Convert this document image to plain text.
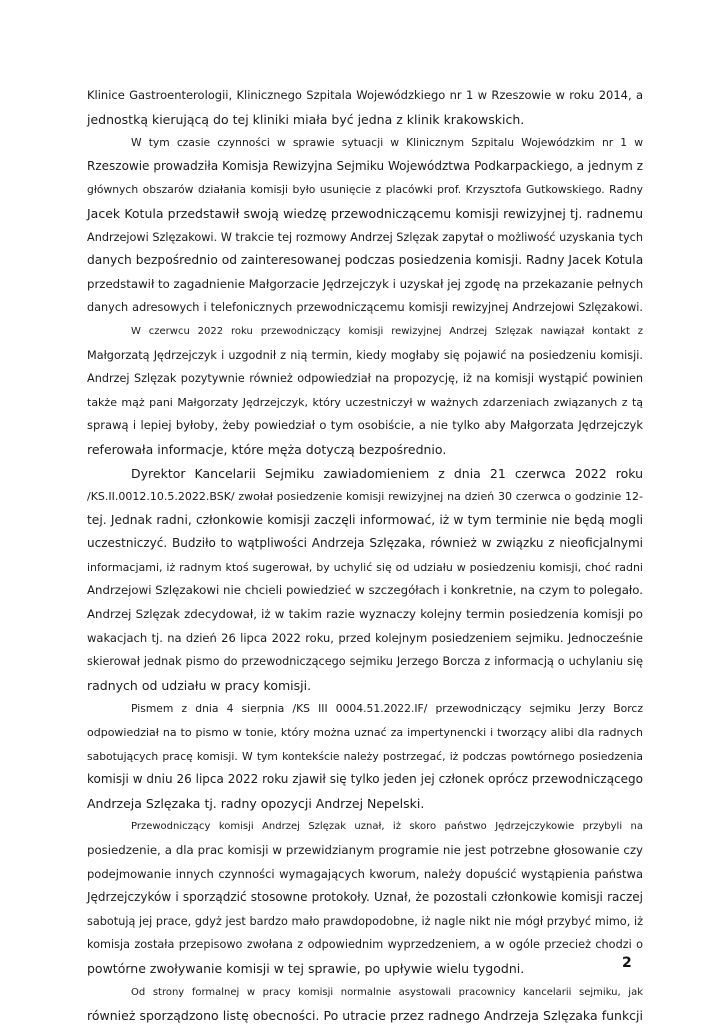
Klinice Gastroenterologii, Klinicznego Szpitala Wojewódzkiego nr 1 w Rzeszowie w roku 2014, a
jednostką kierującą do tej kliniki miała być jedna z klinik krakowskich.
W tym czasie czynności w sprawie sytuacji w Klinicznym Szpitalu Wojewódzkim nr 1 w
Rzeszowie prowadziła Komisja Rewizyjna Sejmiku Województwa Podkarpackiego, a jednym z
głównych obszarów działania komisji było usunięcie z placówki prof. Krzysztofa Gutkowskiego. Radny
Jacek Kotula przedstawił swoją wiedzę przewodniczącemu komisji rewizyjnej tj. radnemu
Andrzejowi Szlęzakowi. W trakcie tej rozmowy Andrzej Szlęzak zapytał o możliwość uzyskania tych
danych bezpośrednio od zainteresowanej podczas posiedzenia komisji. Radny Jacek Kotula
przedstawił to zagadnienie Małgorzacie Jędrzejczyk i uzyskał jej zgodę na przekazanie pełnych
danych adresowych i telefonicznych przewodniczącemu komisji rewizyjnej Andrzejowi Szlęzakowi.
W czerwcu 2022 roku przewodniczący komisji rewizyjnej Andrzej Szlęzak nawiązał kontakt z
Małgorzatą Jędrzejczyk i uzgodnił z nią termin, kiedy mogłaby się pojawić na posiedzeniu komisji.
Andrzej Szlęzak pozytywnie również odpowiedział na propozycję, iż na komisji wystąpić powinien
także mąż pani Małgorzaty Jędrzejczyk, który uczestniczył w ważnych zdarzeniach związanych z tą
sprawą i lepiej byłoby, żeby powiedział o tym osobiście, a nie tylko aby Małgorzata Jędrzejczyk
referowała informacje, które męża dotyczą bezpośrednio.
Dyrektor Kancelarii Sejmiku zawiadomieniem z dnia 21 czerwca 2022 roku
/KS.II.0012.10.5.2022.BSK/ zwołał posiedzenie komisji rewizyjnej na dzień 30 czerwca o godzinie 12-
tej. Jednak radni, członkowie komisji zaczęli informować, iż w tym terminie nie będą mogli
uczestniczyć. Budziło to wątpliwości Andrzeja Szlęzaka, również w związku z nieoficjalnymi
informacjami, iż radnym ktoś sugerował, by uchylić się od udziału w posiedzeniu komisji, choć radni
Andrzejowi Szlęzakowi nie chcieli powiedzieć w szczegółach i konkretnie, na czym to polegało.
Andrzej Szlęzak zdecydował, iż w takim razie wyznaczy kolejny termin posiedzenia komisji po
wakacjach tj. na dzień 26 lipca 2022 roku, przed kolejnym posiedzeniem sejmiku. Jednocześnie
skierował jednak pismo do przewodniczącego sejmiku Jerzego Borcza z informacją o uchylaniu się
radnych od udziału w pracy komisji.
Pismem z dnia 4 sierpnia /KS III 0004.51.2022.IF/ przewodniczący sejmiku Jerzy Borcz
odpowiedział na to pismo w tonie, który można uznać za impertynencki i tworzący alibi dla radnych
sabotujących pracę komisji. W tym kontekście należy postrzegać, iż podczas powtórnego posiedzenia
komisji w dniu 26 lipca 2022 roku zjawił się tylko jeden jej członek oprócz przewodniczącego
Andrzeja Szlęzaka tj. radny opozycji Andrzej Nepelski.
Przewodniczący komisji Andrzej Szlęzak uznał, iż skoro państwo Jędrzejczykowie przybyli na
posiedzenie, a dla prac komisji w przewidzianym programie nie jest potrzebne głosowanie czy
podejmowanie innych czynności wymagających kworum, należy dopuścić wystąpienia państwa
Jędrzejczyków i sporządzić stosowne protokoły. Uznał, że pozostali członkowie komisji raczej
sabotują jej prace, gdyż jest bardzo mało prawdopodobne, iż nagle nikt nie mógł przybyć mimo, iż
komisja została przepisowo zwołana z odpowiednim wyprzedzeniem, a w ogóle przecież chodzi o
powtórne zwoływanie komisji w tej sprawie, po upływie wielu tygodni.
Od strony formalnej w pracy komisji normalnie asystowali pracownicy kancelarii sejmiku, jak
również sporządzono listę obecności. Po utracie przez radnego Andrzeja Szlęzaka funkcji
2
